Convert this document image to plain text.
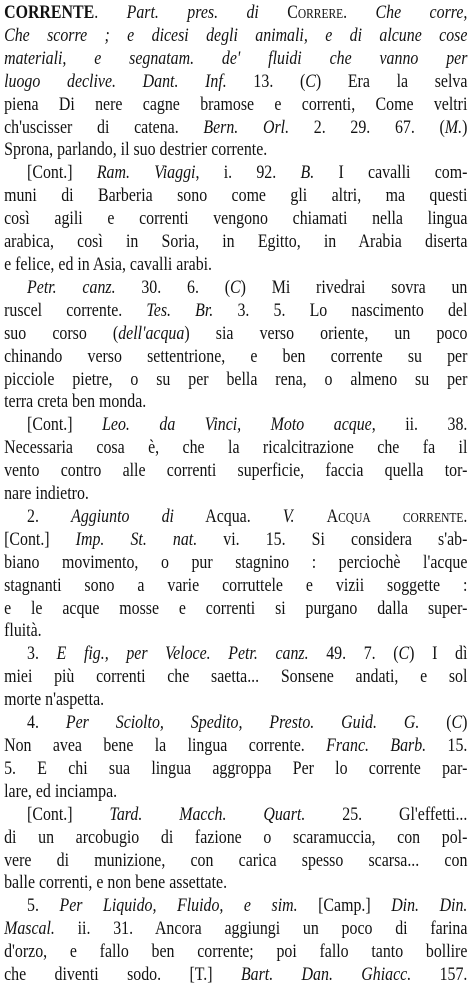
CORRENTE. Part. pres. di Correre. Che corre,
Che scorre ; e dicesi degli animali, e di alcune cose
materiali, e segnatam. de' fluidi che vanno per
luogo declive. Dant. Inf. 13. (C) Era la selva
piena Di nere cagne bramose e correnti, Come veltri
ch'uscisser di catena. Bern. Orl. 2. 29. 67. (M.)
Sprona, parlando, il suo destrier corrente.
[Cont.] Ram. Viaggi, i. 92. B. I cavalli com-
muni di Barberia sono come gli altri, ma questi
così agili e correnti vengono chiamati nella lingua
arabica, così in Soria, in Egitto, in Arabia diserta
e felice, ed in Asia, cavalli arabi.
Petr. canz. 30. 6. (C) Mi rivedrai sovra un
ruscel corrente. Tes. Br. 3. 5. Lo nascimento del
suo corso (dell'acqua) sia verso oriente, un poco
chinando verso settentrione, e ben corrente su per
picciole pietre, o su per bella rena, o almeno su per
terra creta ben monda.
[Cont.] Leo. da Vinci, Moto acque, ii. 38.
Necessaria cosa è, che la ricalcitrazione che fa il
vento contro alle correnti superficie, faccia quella tor-
nare indietro.
2. Aggiunto di Acqua. V. Acqua corrente.
[Cont.] Imp. St. nat. vi. 15. Si considera s'ab-
biano movimento, o pur stagnino : perciochè l'acque
stagnanti sono a varie corruttele e vizii soggette :
e le acque mosse e correnti si purgano dalla super-
fluità.
3. E fig., per Veloce. Petr. canz. 49. 7. (C) I dì
miei più correnti che saetta... Sonsene andati, e sol
morte n'aspetta.
4. Per Sciolto, Spedito, Presto. Guid. G. (C)
Non avea bene la lingua corrente. Franc. Barb. 15.
5. E chi sua lingua aggroppa Per lo corrente par-
lare, ed inciampa.
[Cont.] Tard. Macch. Quart. 25. Gl'effetti...
di un arcobugio di fazione o scaramuccia, con pol-
vere di munizione, con carica spesso scarsa... con
balle correnti, e non bene assettate.
5. Per Liquido, Fluido, e sim. [Camp.] Din. Din.
Mascal. ii. 31. Ancora aggiungi un poco di farina
d'orzo, e fallo ben corrente; poi fallo tanto bollire
che diventi sodo. [T.] Bart. Dan. Ghiacc. 157.
